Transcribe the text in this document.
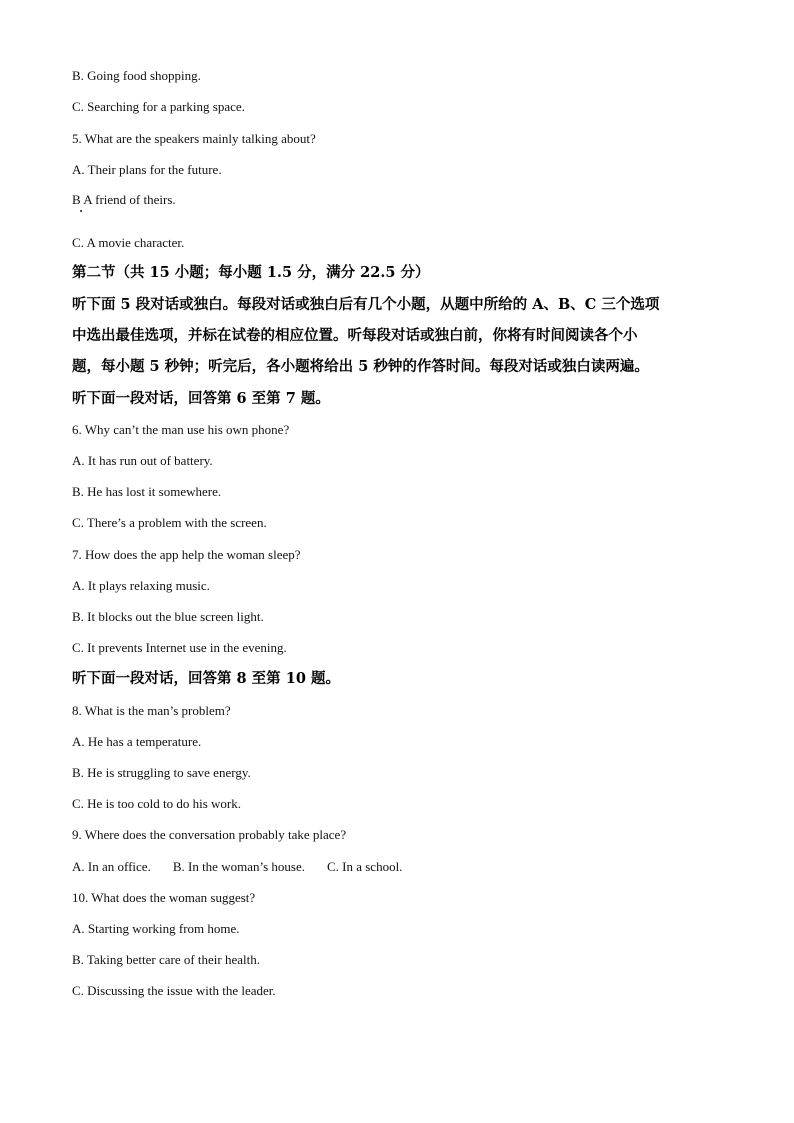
B. Going food shopping.
C. Searching for a parking space.
5. What are the speakers mainly talking about?
A. Their plans for the future.
B A friend of theirs.
C. A movie character.
第二节（共 15 小题；每小题 1.5 分，满分 22.5 分）
听下面 5 段对话或独白。每段对话或独白后有几个小题，从题中所给的 A、B、C 三个选项
中选出最佳选项，并标在试卷的相应位置。听每段对话或独白前，你将有时间阅读各个小
题，每小题 5 秒钟；听完后，各小题将给出 5 秒钟的作答时间。每段对话或独白读两遍。
听下面一段对话，回答第 6 至第 7 题。
6. Why can’t the man use his own phone?
A. It has run out of battery.
B. He has lost it somewhere.
C. There’s a problem with the screen.
7. How does the app help the woman sleep?
A. It plays relaxing music.
B. It blocks out the blue screen light.
C. It prevents Internet use in the evening.
听下面一段对话，回答第 8 至第 10 题。
8. What is the man’s problem?
A. He has a temperature.
B. He is struggling to save energy.
C. He is too cold to do his work.
9. Where does the conversation probably take place?
A. In an office. B. In the woman’s house. C. In a school.
10. What does the woman suggest?
A. Starting working from home.
B. Taking better care of their health.
C. Discussing the issue with the leader.
